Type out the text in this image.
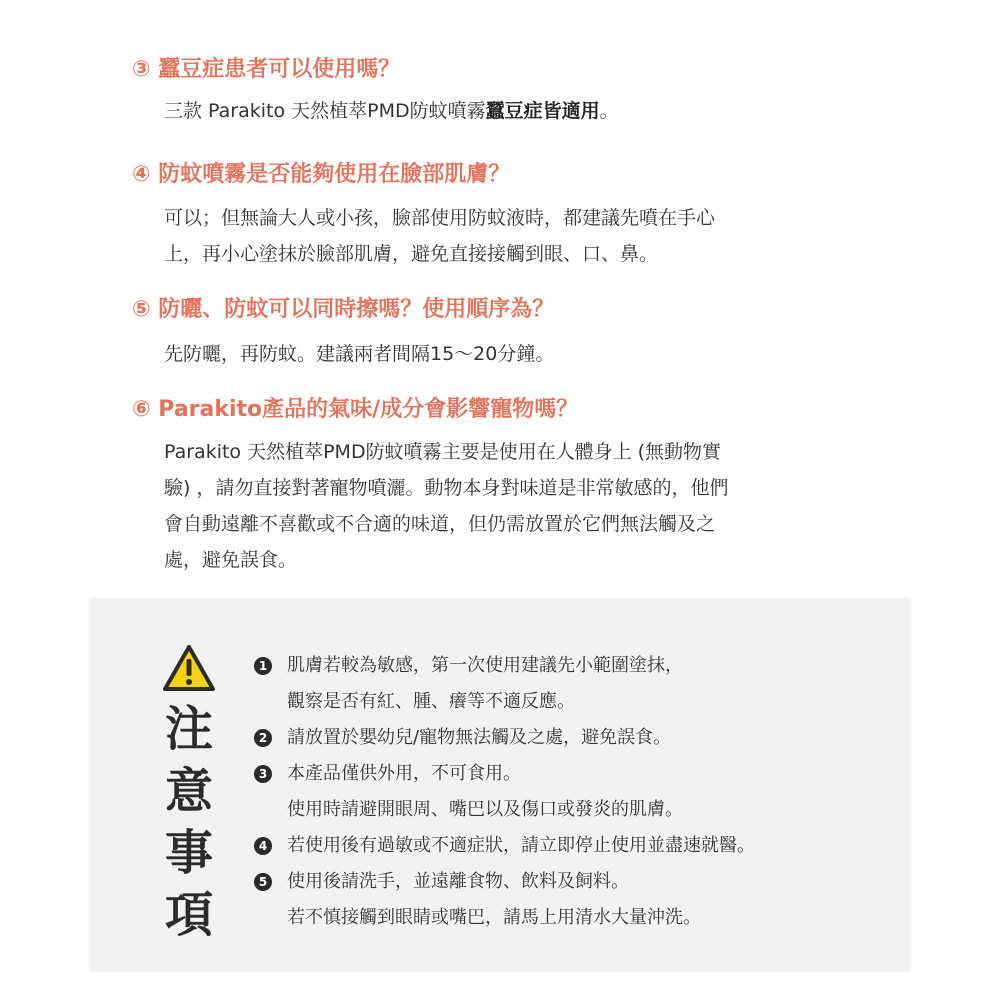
③ 蠶豆症患者可以使用嗎？
三款 Parakito 天然植萃PMD防蚊噴霧蠶豆症皆適用。
④ 防蚊噴霧是否能夠使用在臉部肌膚？
可以；但無論大人或小孩，臉部使用防蚊液時，都建議先噴在手心
上，再小心塗抹於臉部肌膚，避免直接接觸到眼、口、鼻。
⑤ 防曬、防蚊可以同時擦嗎？使用順序為？
先防曬，再防蚊。建議兩者間隔15～20分鐘。
⑥ Parakito產品的氣味/成分會影響寵物嗎？
Parakito 天然植萃PMD防蚊噴霧主要是使用在人體身上 (無動物實
驗) ，請勿直接對著寵物噴灑。動物本身對味道是非常敏感的，他們
會自動遠離不喜歡或不合適的味道，但仍需放置於它們無法觸及之
處，避免誤食。
注
意
事
項
1 肌膚若較為敏感，第一次使用建議先小範圍塗抹，
觀察是否有紅、腫、癢等不適反應。
2 請放置於嬰幼兒/寵物無法觸及之處，避免誤食。
3 本產品僅供外用，不可食用。
使用時請避開眼周、嘴巴以及傷口或發炎的肌膚。
4 若使用後有過敏或不適症狀，請立即停止使用並盡速就醫。
5 使用後請洗手，並遠離食物、飲料及飼料。
若不慎接觸到眼睛或嘴巴，請馬上用清水大量沖洗。
